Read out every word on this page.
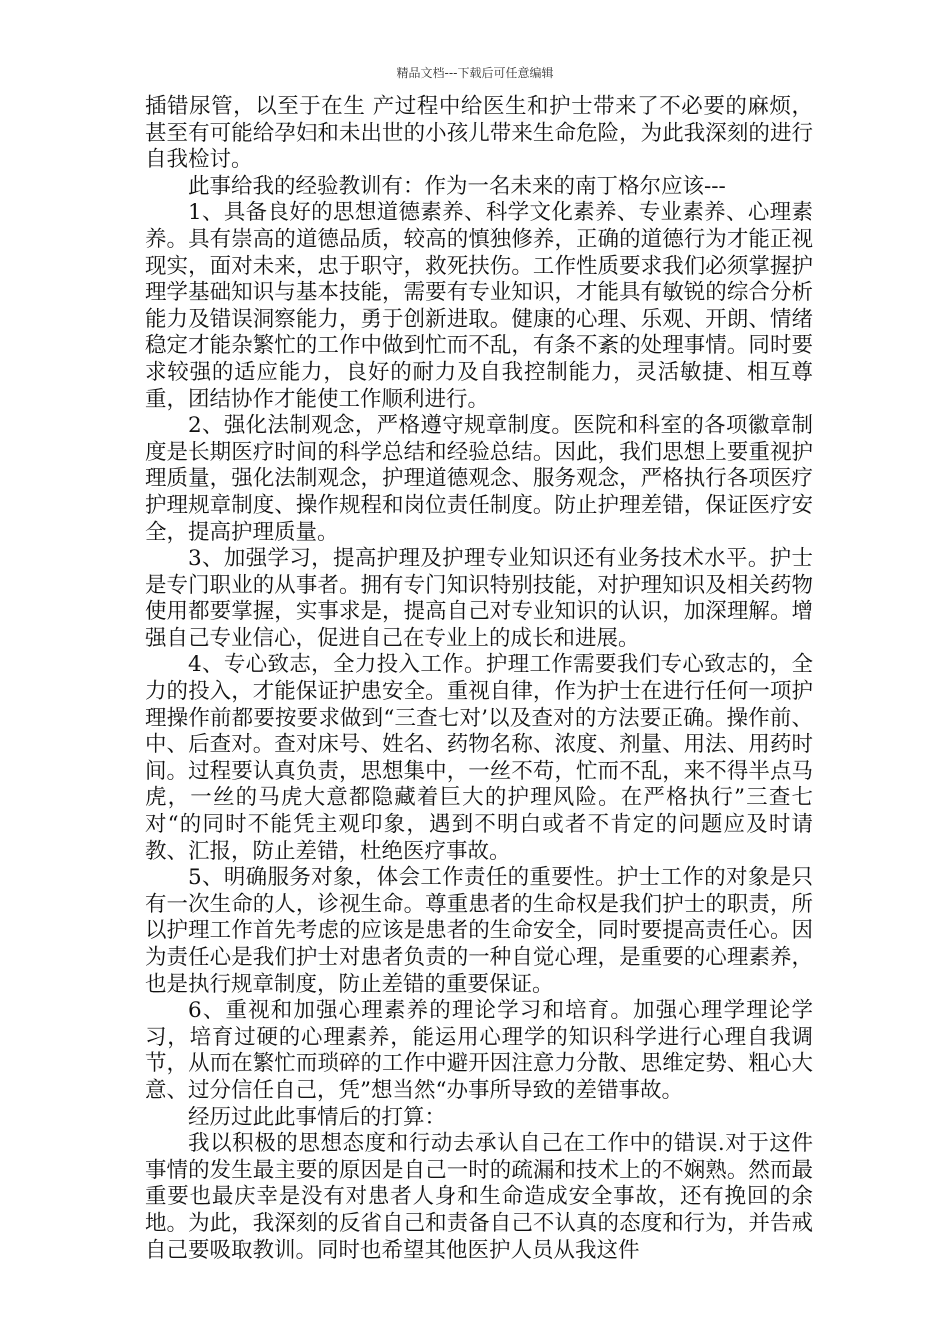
精品文档---下载后可任意编辑

插错尿管，以至于在生 产过程中给医生和护士带来了不必要的麻烦，甚至有可能给孕妇和未出世的小孩儿带来生命危险，为此我深刻的进行自我检讨。

此事给我的经验教训有：作为一名未来的南丁格尔应该---

1、具备良好的思想道德素养、科学文化素养、专业素养、心理素养。具有崇高的道德品质，较高的慎独修养，正确的道德行为才能正视现实，面对未来，忠于职守，救死扶伤。工作性质要求我们必须掌握护理学基础知识与基本技能，需要有专业知识，才能具有敏锐的综合分析能力及错误洞察能力，勇于创新进取。健康的心理、乐观、开朗、情绪稳定才能杂繁忙的工作中做到忙而不乱，有条不紊的处理事情。同时要求较强的适应能力，良好的耐力及自我控制能力，灵活敏捷、相互尊重，团结协作才能使工作顺利进行。

2、强化法制观念，严格遵守规章制度。医院和科室的各项徽章制度是长期医疗时间的科学总结和经验总结。因此，我们思想上要重视护理质量，强化法制观念，护理道德观念、服务观念，严格执行各项医疗护理规章制度、操作规程和岗位责任制度。防止护理差错，保证医疗安全，提高护理质量。

3、加强学习，提高护理及护理专业知识还有业务技术水平。护士是专门职业的从事者。拥有专门知识特别技能，对护理知识及相关药物使用都要掌握，实事求是，提高自己对专业知识的认识，加深理解。增强自己专业信心，促进自己在专业上的成长和进展。

4、专心致志，全力投入工作。护理工作需要我们专心致志的，全力的投入，才能保证护患安全。重视自律，作为护士在进行任何一项护理操作前都要按要求做到“三查七对’以及查对的方法要正确。操作前、中、后查对。查对床号、姓名、药物名称、浓度、剂量、用法、用药时间。过程要认真负责，思想集中，一丝不苟，忙而不乱，来不得半点马虎，一丝的马虎大意都隐藏着巨大的护理风险。在严格执行”三查七对“的同时不能凭主观印象，遇到不明白或者不肯定的问题应及时请教、汇报，防止差错，杜绝医疗事故。

5、明确服务对象，体会工作责任的重要性。护士工作的对象是只有一次生命的人，诊视生命。尊重患者的生命权是我们护士的职责，所以护理工作首先考虑的应该是患者的生命安全，同时要提高责任心。因为责任心是我们护士对患者负责的一种自觉心理，是重要的心理素养，也是执行规章制度，防止差错的重要保证。

6、重视和加强心理素养的理论学习和培育。加强心理学理论学习，培育过硬的心理素养，能运用心理学的知识科学进行心理自我调节，从而在繁忙而琐碎的工作中避开因注意力分散、思维定势、粗心大意、过分信任自己，凭”想当然“办事所导致的差错事故。

经历过此此事情后的打算：

我以积极的思想态度和行动去承认自己在工作中的错误.对于这件事情的发生最主要的原因是自己一时的疏漏和技术上的不娴熟。然而最重要也最庆幸是没有对患者人身和生命造成安全事故，还有挽回的余地。为此，我深刻的反省自己和责备自己不认真的态度和行为，并告戒自己要吸取教训。同时也希望其他医护人员从我这件
